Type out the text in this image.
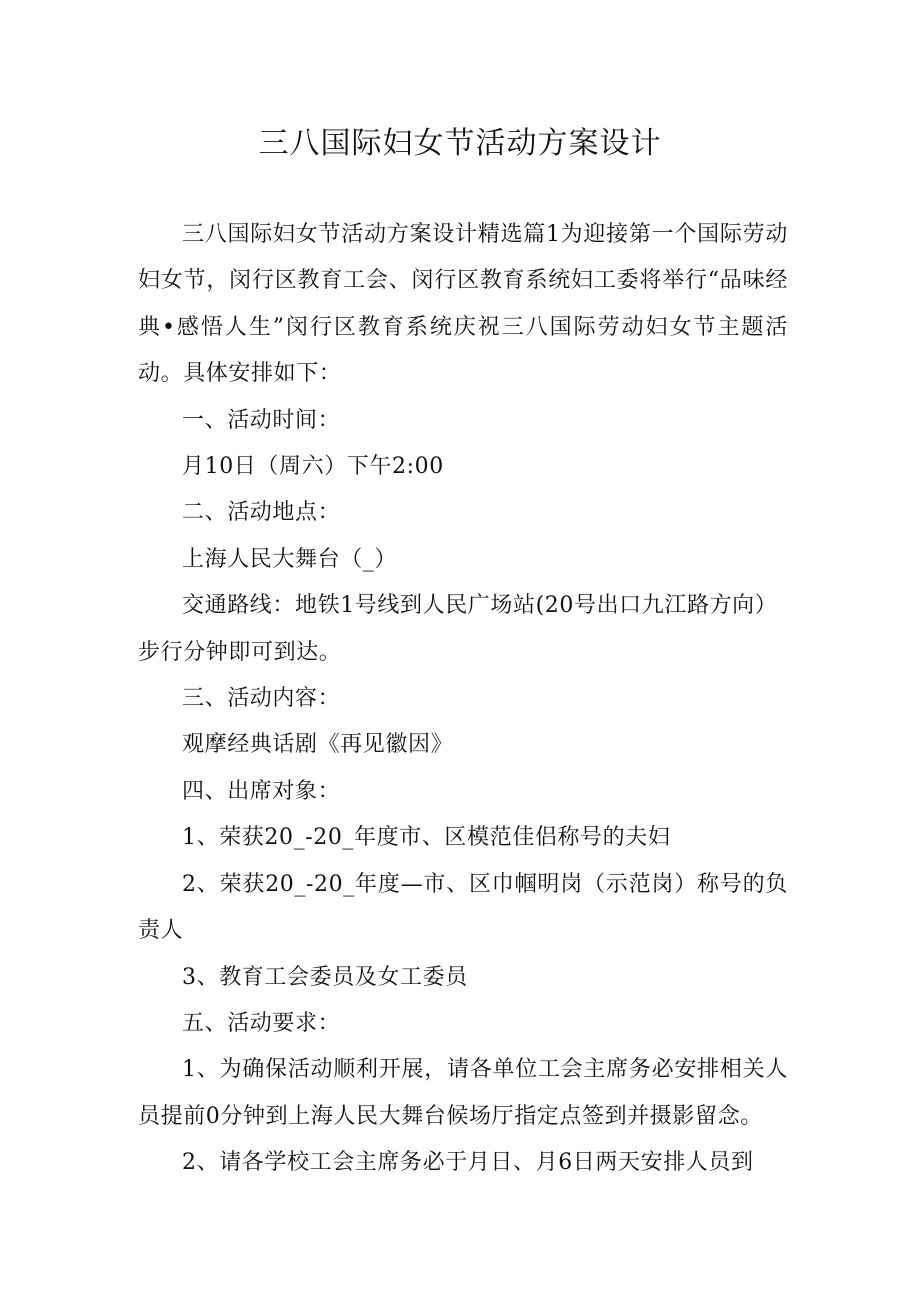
三八国际妇女节活动方案设计

三八国际妇女节活动方案设计精选篇1为迎接第一个国际劳动妇女节，闵行区教育工会、闵行区教育系统妇工委将举行“品味经典•感悟人生”闵行区教育系统庆祝三八国际劳动妇女节主题活动。具体安排如下：

一、活动时间：

月10日（周六）下午2:00

二、活动地点：

上海人民大舞台（_）

交通路线：地铁1号线到人民广场站(20号出口九江路方向）

步行分钟即可到达。

三、活动内容：

观摩经典话剧《再见徽因》

四、出席对象：

1、荣获20_-20_年度市、区模范佳侣称号的夫妇

2、荣获20_-20_年度—市、区巾帼明岗（示范岗）称号的负责人

3、教育工会委员及女工委员

五、活动要求：

1、为确保活动顺利开展，请各单位工会主席务必安排相关人员提前0分钟到上海人民大舞台候场厅指定点签到并摄影留念。

2、请各学校工会主席务必于月日、月6日两天安排人员到
